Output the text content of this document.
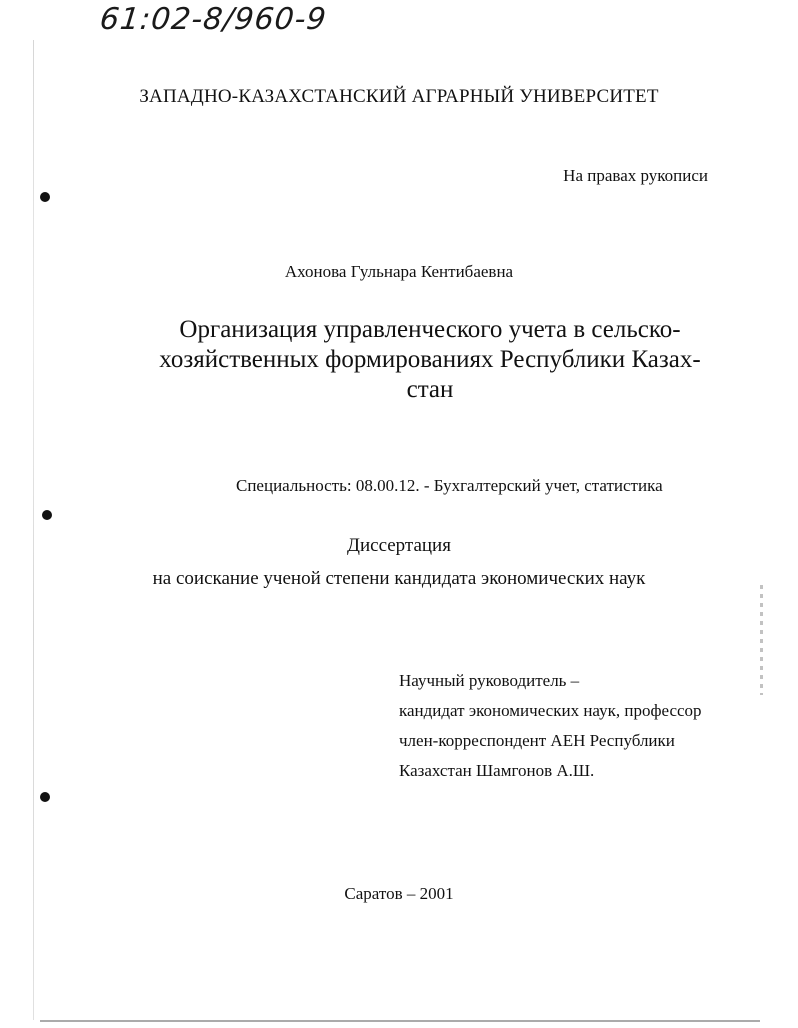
61:02-8/960-9
ЗАПАДНО-КАЗАХСТАНСКИЙ АГРАРНЫЙ УНИВЕРСИТЕТ
На правах рукописи
Ахонова Гульнара Кентибаевна
Организация управленческого учета в сельско-
хозяйственных формированиях Республики Казах-
стан
Специальность: 08.00.12. - Бухгалтерский учет, статистика
Диссертация
на соискание ученой степени кандидата экономических наук
Научный руководитель –
кандидат экономических наук, профессор
член-корреспондент АЕН Республики
Казахстан Шамгонов А.Ш.
Саратов – 2001
